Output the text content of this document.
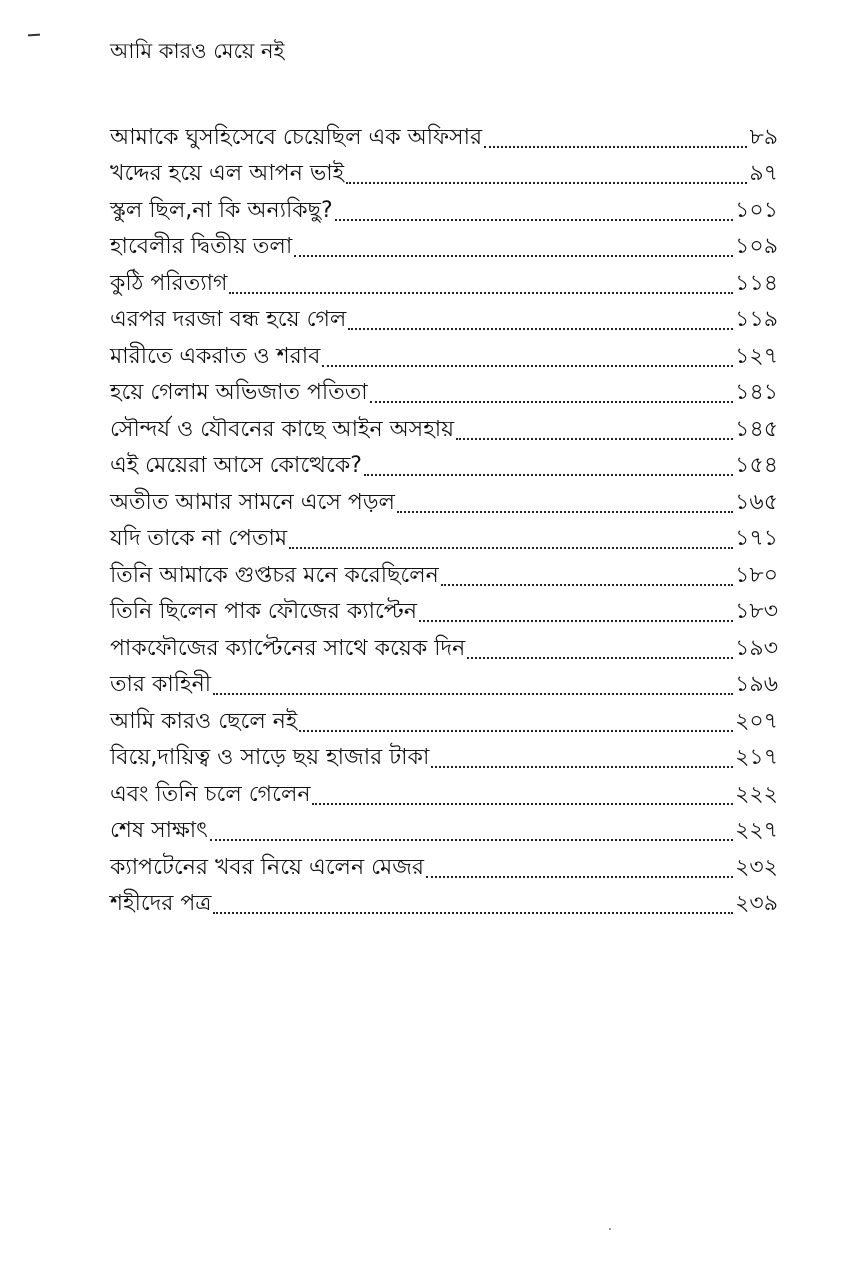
আমি কারও মেয়ে নই
আমাকে ঘুসহিসেবে চেয়েছিল এক অফিসার	৮৯
খদ্দের হয়ে এল আপন ভাই	৯৭
স্কুল ছিল,না কি অন্যকিছু?	১০১
হাবেলীর দ্বিতীয় তলা	১০৯
কুঠি পরিত্যাগ	১১৪
এরপর দরজা বন্ধ হয়ে গেল	১১৯
মারীতে একরাত ও শরাব	১২৭
হয়ে গেলাম অভিজাত পতিতা	১৪১
সৌন্দর্য ও যৌবনের কাছে আইন অসহায়	১৪৫
এই মেয়েরা আসে কোত্থেকে?	১৫৪
অতীত আমার সামনে এসে পড়ল	১৬৫
যদি তাকে না পেতাম	১৭১
তিনি আমাকে গুপ্তচর মনে করেছিলেন	১৮০
তিনি ছিলেন পাক ফৌজের ক্যাপ্টেন	১৮৩
পাকফৌজের ক্যাপ্টেনের সাথে কয়েক দিন	১৯৩
তার কাহিনী	১৯৬
আমি কারও ছেলে নই	২০৭
বিয়ে,দায়িত্ব ও সাড়ে ছয় হাজার টাকা	২১৭
এবং তিনি চলে গেলেন	২২২
শেষ সাক্ষাৎ	২২৭
ক্যাপটেনের খবর নিয়ে এলেন মেজর	২৩২
শহীদের পত্র	২৩৯
